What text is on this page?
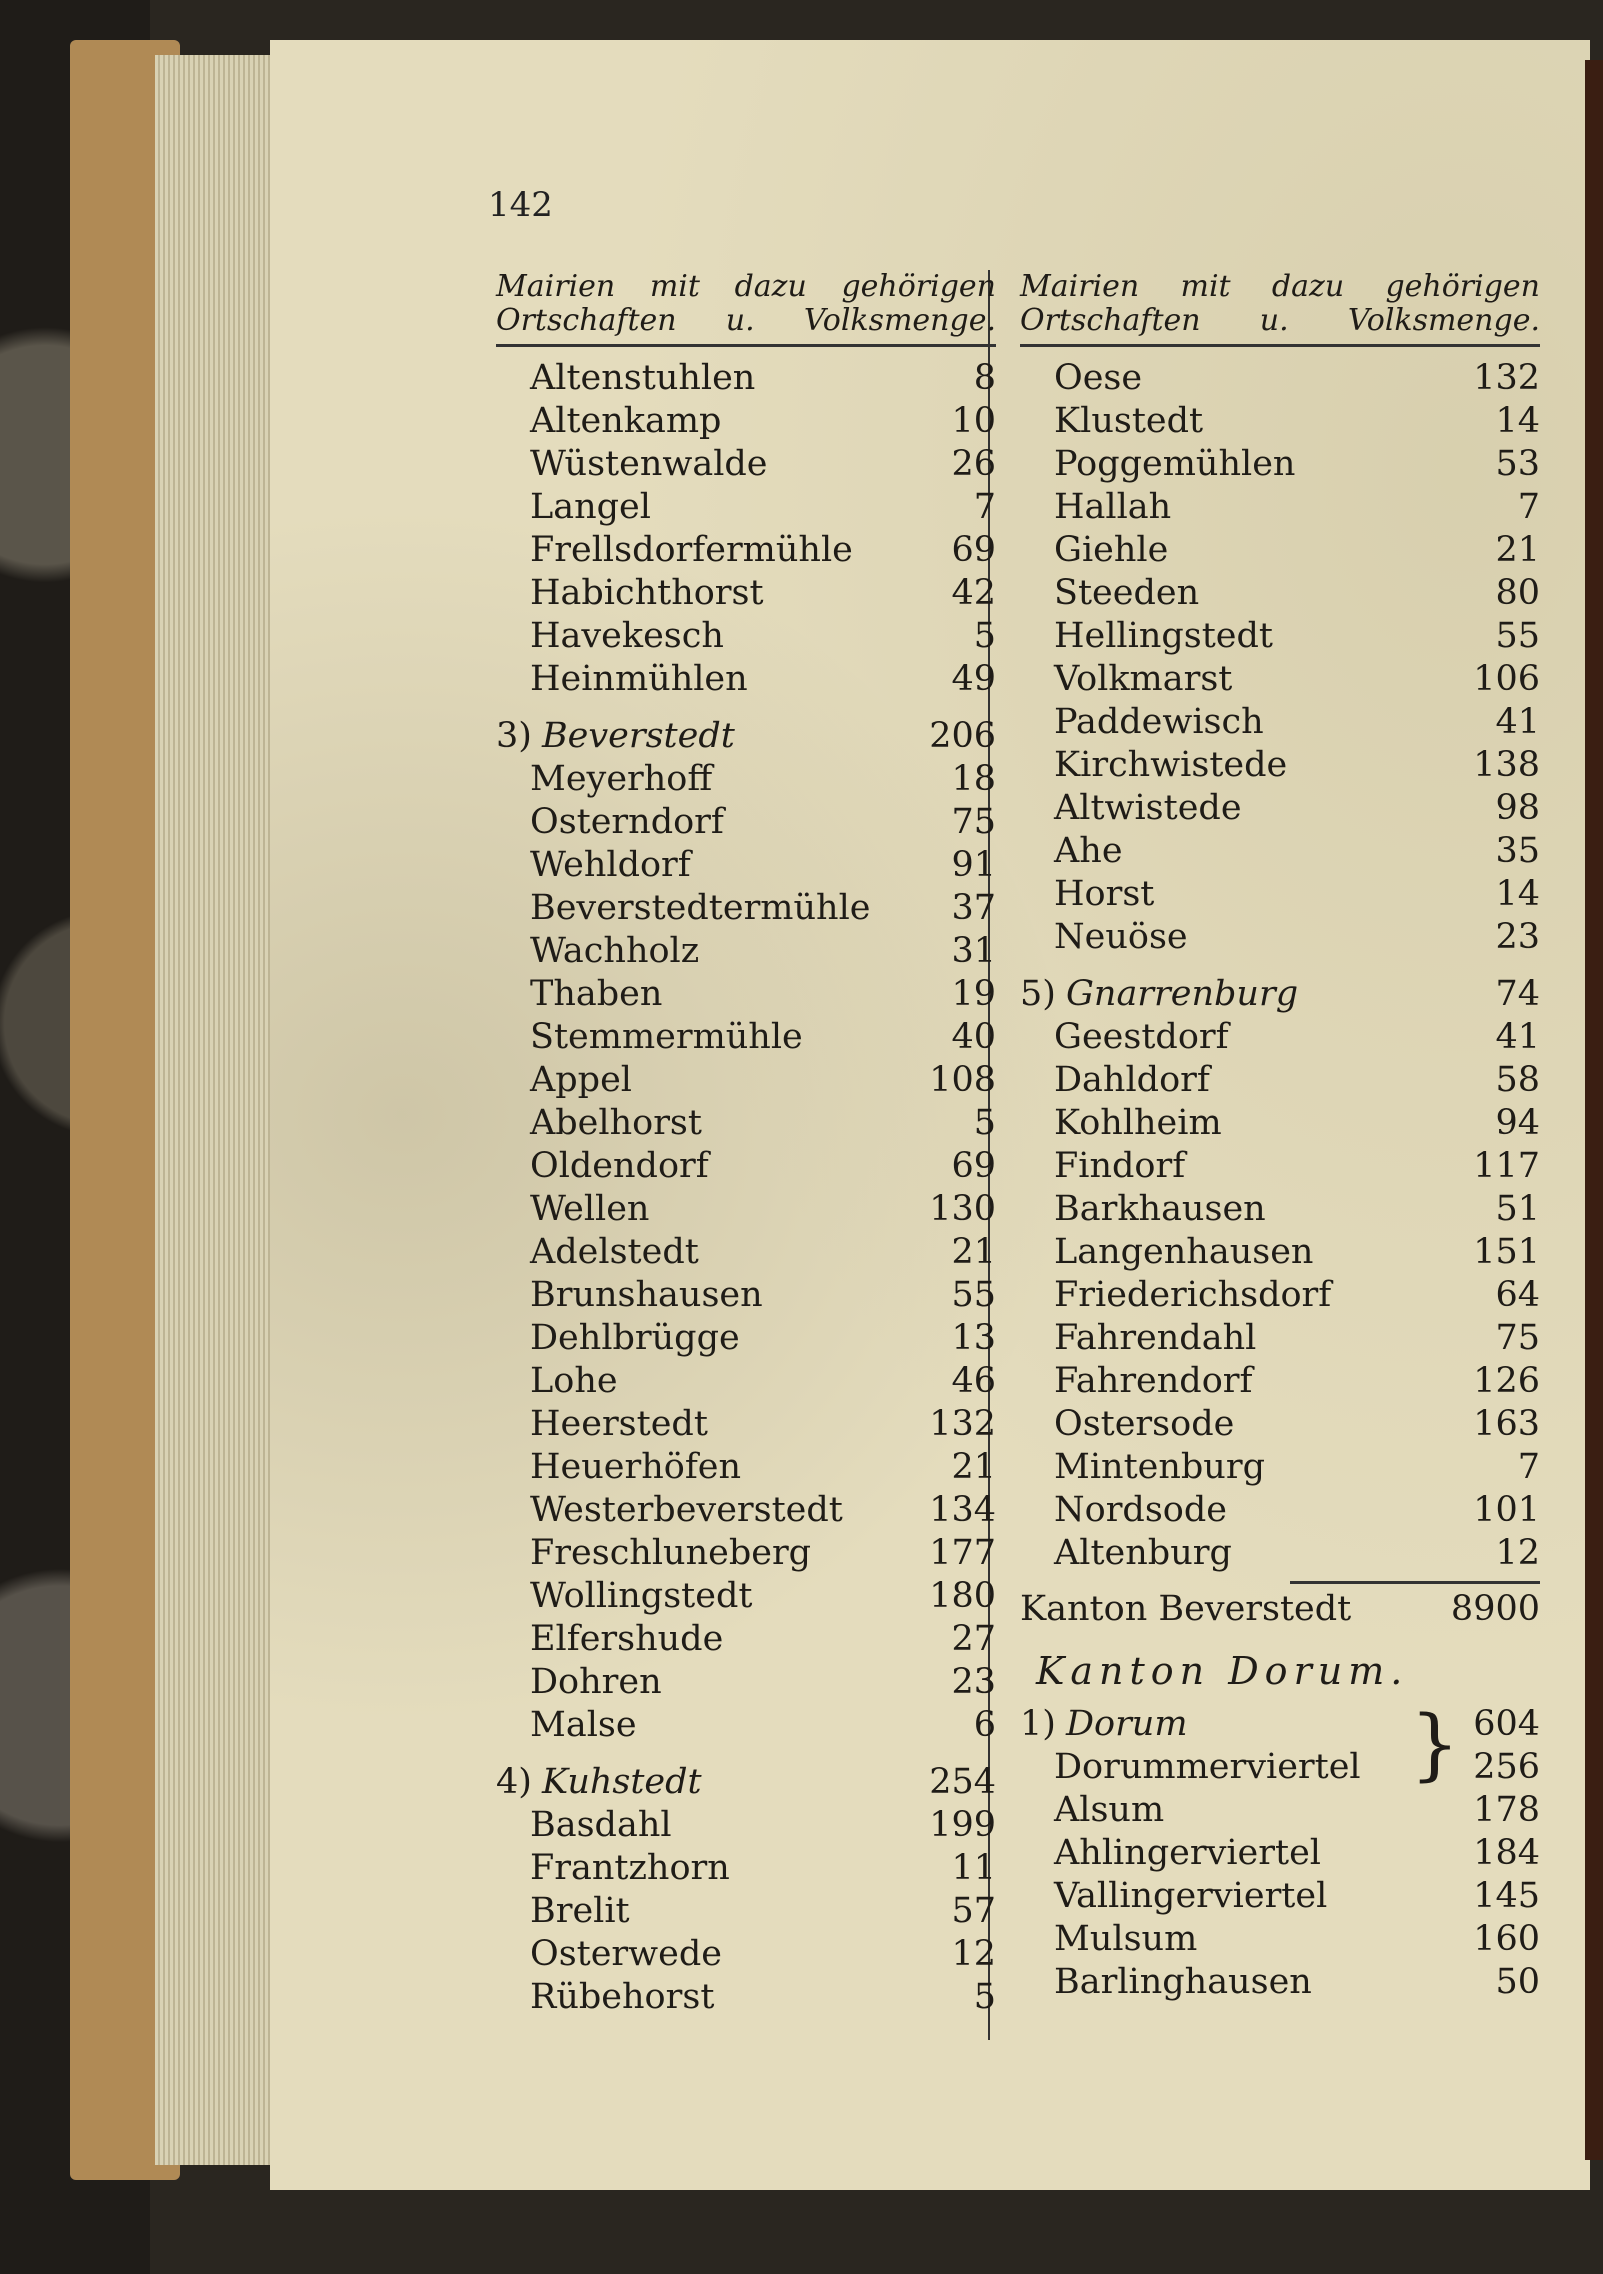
142
Mairien mit dazu gehörigen
Ortschaften u. Volksmenge.
Altenstuhlen	8
Altenkamp	10
Wüstenwalde	26
Langel	7
Frellsdorfermühle	69
Habichthorst	42
Havekesch	5
Heinmühlen	49
3) Beverstedt	206
Meyerhoff	18
Osterndorf	75
Wehldorf	91
Beverstedtermühle	37
Wachholz	31
Thaben	19
Stemmermühle	40
Appel	108
Abelhorst	5
Oldendorf	69
Wellen	130
Adelstedt	21
Brunshausen	55
Dehlbrügge	13
Lohe	46
Heerstedt	132
Heuerhöfen	21
Westerbeverstedt 134
Freschluneberg	177
Wollingstedt	180
Elfershude	27
Dohren	23
Malse	6
4) Kuhstedt	254
Basdahl	199
Frantzhorn	11
Brelit	57
Osterwede	12
Rübehorst	5
Mairien mit dazu gehörigen
Ortschaften u. Volksmenge.
Oese	132
Klustedt	14
Poggemühlen	53
Hallah	7
Giehle	21
Steeden	80
Hellingstedt	55
Volkmarst	106
Paddewisch	41
Kirchwistede	138
Altwistede	98
Ahe	35
Horst	14
Neuöse	23
5) Gnarrenburg	74
Geestdorf	41
Dahldorf	58
Kohlheim	94
Findorf	117
Barkhausen	51
Langenhausen	151
Friederichsdorf	64
Fahrendahl	75
Fahrendorf	126
Ostersode	163
Mintenburg	7
Nordsode	101
Altenburg	12
Kanton Beverstedt	8900
Kanton Dorum.
}
1) Dorum	604
Dorummerviertel	256
Alsum	178
Ahlingerviertel	184
Vallingerviertel	145
Mulsum	160
Barlinghausen	50
